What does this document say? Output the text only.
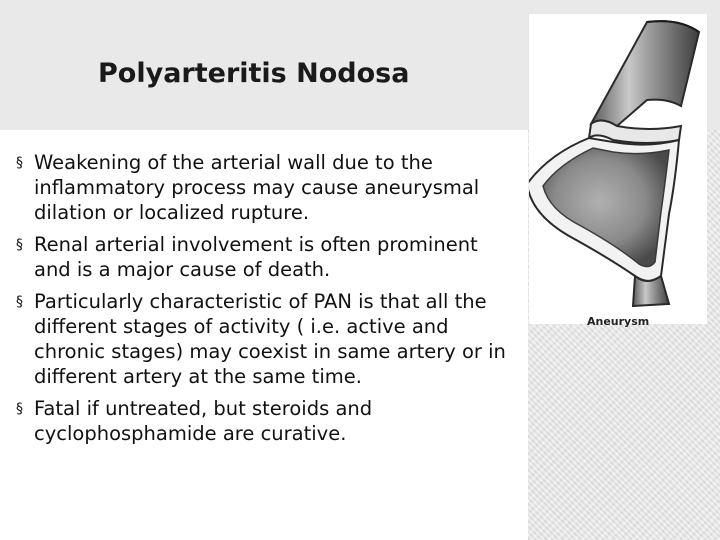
Polyarteritis Nodosa
§ Weakening of the arterial wall due to the inflammatory process may cause aneurysmal dilation or localized rupture.
§ Renal arterial involvement is often prominent and is a major cause of death.
§ Particularly characteristic of PAN is that all the different stages of activity ( i.e. active and chronic stages) may coexist in same artery or in different artery at the same time.
§ Fatal if untreated, but steroids and cyclophosphamide are curative.
Aneurysm
